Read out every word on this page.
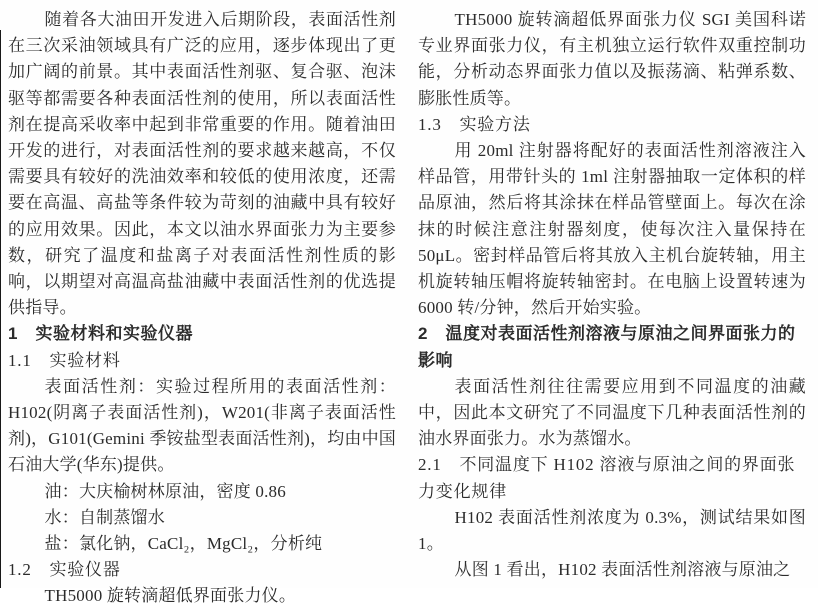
随着各大油田开发进入后期阶段，表面活性剂在三次采油领域具有广泛的应用，逐步体现出了更加广阔的前景。其中表面活性剂驱、复合驱、泡沫驱等都需要各种表面活性剂的使用，所以表面活性剂在提高采收率中起到非常重要的作用。随着油田开发的进行，对表面活性剂的要求越来越高，不仅需要具有较好的洗油效率和较低的使用浓度，还需要在高温、高盐等条件较为苛刻的油藏中具有较好的应用效果。因此，本文以油水界面张力为主要参数，研究了温度和盐离子对表面活性剂性质的影响，以期望对高温高盐油藏中表面活性剂的优选提供指导。
1　实验材料和实验仪器
1.1　实验材料
表面活性剂：实验过程所用的表面活性剂：H102(阴离子表面活性剂)，W201(非离子表面活性剂)，G101(Gemini 季铵盐型表面活性剂)，均由中国石油大学(华东)提供。
油：大庆榆树林原油，密度 0.86
水：自制蒸馏水
盐：氯化钠，CaCl₂，MgCl₂，分析纯
1.2　实验仪器
TH5000 旋转滴超低界面张力仪。
TH5000 旋转滴超低界面张力仪 SGI 美国科诺专业界面张力仪，有主机独立运行软件双重控制功能，分析动态界面张力值以及振荡滴、粘弹系数、膨胀性质等。
1.3　实验方法
用 20ml 注射器将配好的表面活性剂溶液注入样品管，用带针头的 1ml 注射器抽取一定体积的样品原油，然后将其涂抹在样品管壁面上。每次在涂抹的时候注意注射器刻度，使每次注入量保持在 50μL。密封样品管后将其放入主机台旋转轴，用主机旋转轴压帽将旋转轴密封。在电脑上设置转速为 6000 转/分钟，然后开始实验。
2　温度对表面活性剂溶液与原油之间界面张力的影响
表面活性剂往往需要应用到不同温度的油藏中，因此本文研究了不同温度下几种表面活性剂的油水界面张力。水为蒸馏水。
2.1　不同温度下 H102 溶液与原油之间的界面张力变化规律
H102 表面活性剂浓度为 0.3%，测试结果如图 1。
从图 1 看出，H102 表面活性剂溶液与原油之
